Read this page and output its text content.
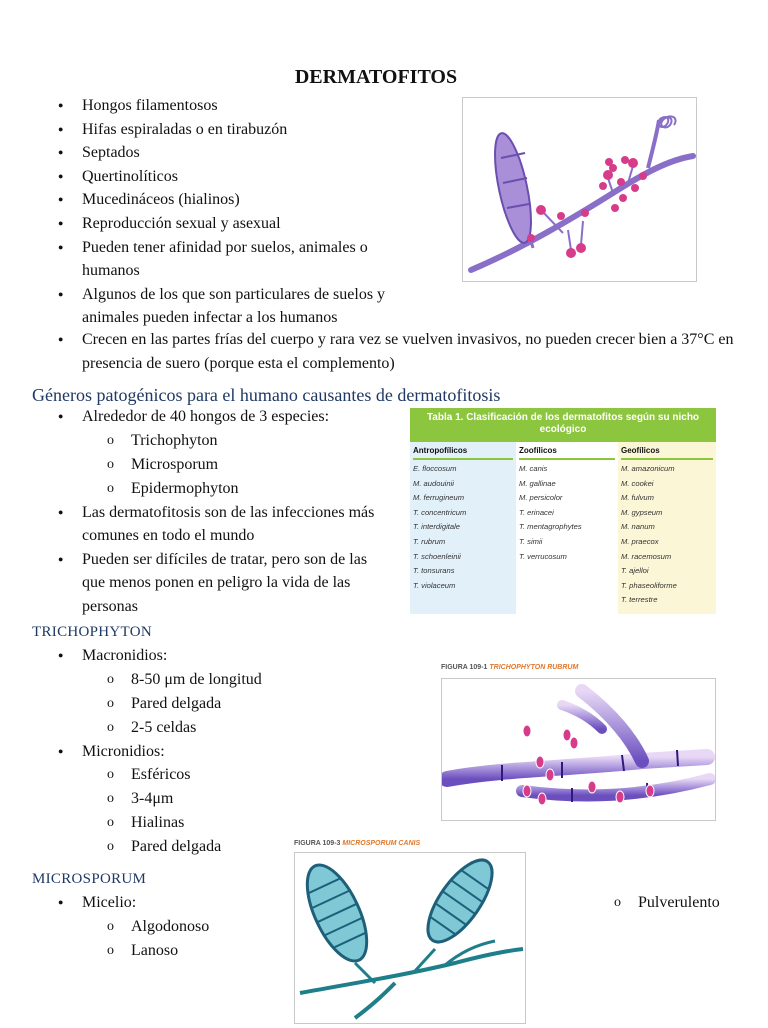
DERMATOFITOS
● Hongos filamentosos
● Hifas espiraladas o en tirabuzón
● Septados
● Quertinolíticos
● Mucedináceos (hialinos)
● Reproducción sexual y asexual
● Pueden tener afinidad por suelos, animales o humanos
● Algunos de los que son particulares de suelos y animales pueden infectar a los humanos
● Crecen en las partes frías del cuerpo y rara vez se vuelven invasivos, no pueden crecer bien a 37°C en presencia de suero (porque esta el complemento)
Géneros patogénicos para el humano causantes de dermatofitosis
● Alrededor de 40 hongos de 3 especies:
o Trichophyton
o Microsporum
o Epidermophyton
● Las dermatofitosis son de las infecciones más comunes en todo el mundo
● Pueden ser difíciles de tratar, pero son de las que menos ponen en peligro la vida de las personas
Tabla 1. Clasificación de los dermatofitos según su nicho ecológico
Antropofílicos
E. floccosum
M. audouinii
M. ferrugineum
T. concentricum
T. interdigitale
T. rubrum
T. schoenleinii
T. tonsurans
T. violaceum
Zoofílicos
M. canis
M. gallinae
M. persicolor
T. erinacei
T. mentagrophytes
T. simii
T. verrucosum
Geofílicos
M. amazonicum
M. cookei
M. fulvum
M. gypseum
M. nanum
M. praecox
M. racemosum
T. ajelloi
T. phaseoliforme
T. terrestre
TRICHOPHYTON
● Macronidios:
o 8-50 μm de longitud
o Pared delgada
o 2-5 celdas
● Micronidios:
o Esféricos
o 3-4μm
o Hialinas
o Pared delgada
FIGURA 109-1 TRICHOPHYTON RUBRUM
MICROSPORUM
● Micelio:
o Algodonoso
o Lanoso
o	Pulverulento
FIGURA 109-3 MICROSPORUM CANIS
